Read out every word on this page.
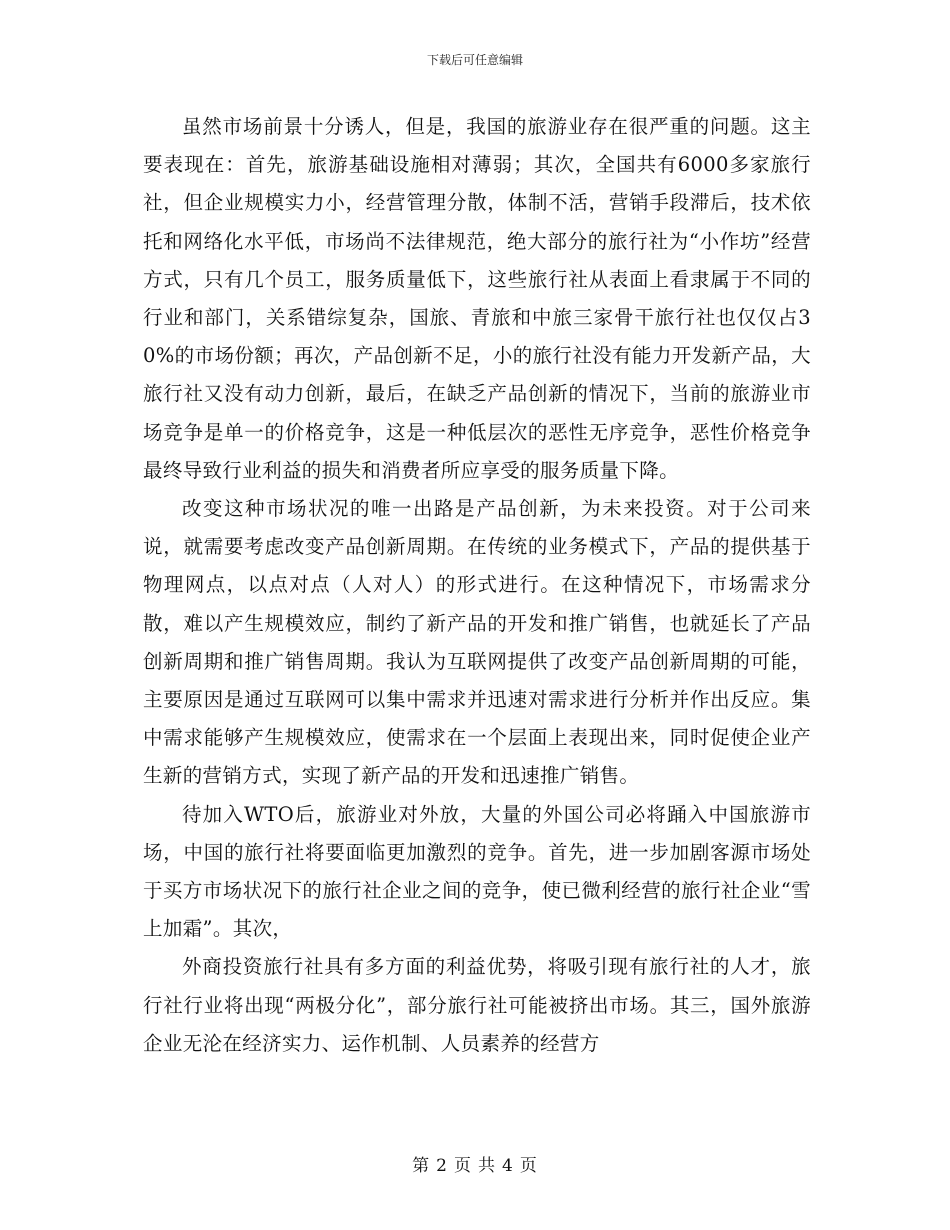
下载后可任意编辑

虽然市场前景十分诱人，但是，我国的旅游业存在很严重的问题。这主要表现在：首先，旅游基础设施相对薄弱；其次，全国共有6000多家旅行社，但企业规模实力小，经营管理分散，体制不活，营销手段滞后，技术依托和网络化水平低，市场尚不法律规范，绝大部分的旅行社为“小作坊”经营方式，只有几个员工，服务质量低下，这些旅行社从表面上看隶属于不同的行业和部门，关系错综复杂，国旅、青旅和中旅三家骨干旅行社也仅仅占30%的市场份额；再次，产品创新不足，小的旅行社没有能力开发新产品，大旅行社又没有动力创新，最后，在缺乏产品创新的情况下，当前的旅游业市场竞争是单一的价格竞争，这是一种低层次的恶性无序竞争，恶性价格竞争最终导致行业利益的损失和消费者所应享受的服务质量下降。

改变这种市场状况的唯一出路是产品创新，为未来投资。对于公司来说，就需要考虑改变产品创新周期。在传统的业务模式下，产品的提供基于物理网点，以点对点（人对人）的形式进行。在这种情况下，市场需求分散，难以产生规模效应，制约了新产品的开发和推广销售，也就延长了产品创新周期和推广销售周期。我认为互联网提供了改变产品创新周期的可能，主要原因是通过互联网可以集中需求并迅速对需求进行分析并作出反应。集中需求能够产生规模效应，使需求在一个层面上表现出来，同时促使企业产生新的营销方式，实现了新产品的开发和迅速推广销售。

待加入WTO后，旅游业对外放，大量的外国公司必将踊入中国旅游市场，中国的旅行社将要面临更加激烈的竞争。首先，进一步加剧客源市场处于买方市场状况下的旅行社企业之间的竞争，使已微利经营的旅行社企业“雪上加霜”。其次，

外商投资旅行社具有多方面的利益优势，将吸引现有旅行社的人才，旅行社行业将出现“两极分化”，部分旅行社可能被挤出市场。其三，国外旅游企业无沦在经济实力、运作机制、人员素养的经营方

第 2 页 共 4 页
